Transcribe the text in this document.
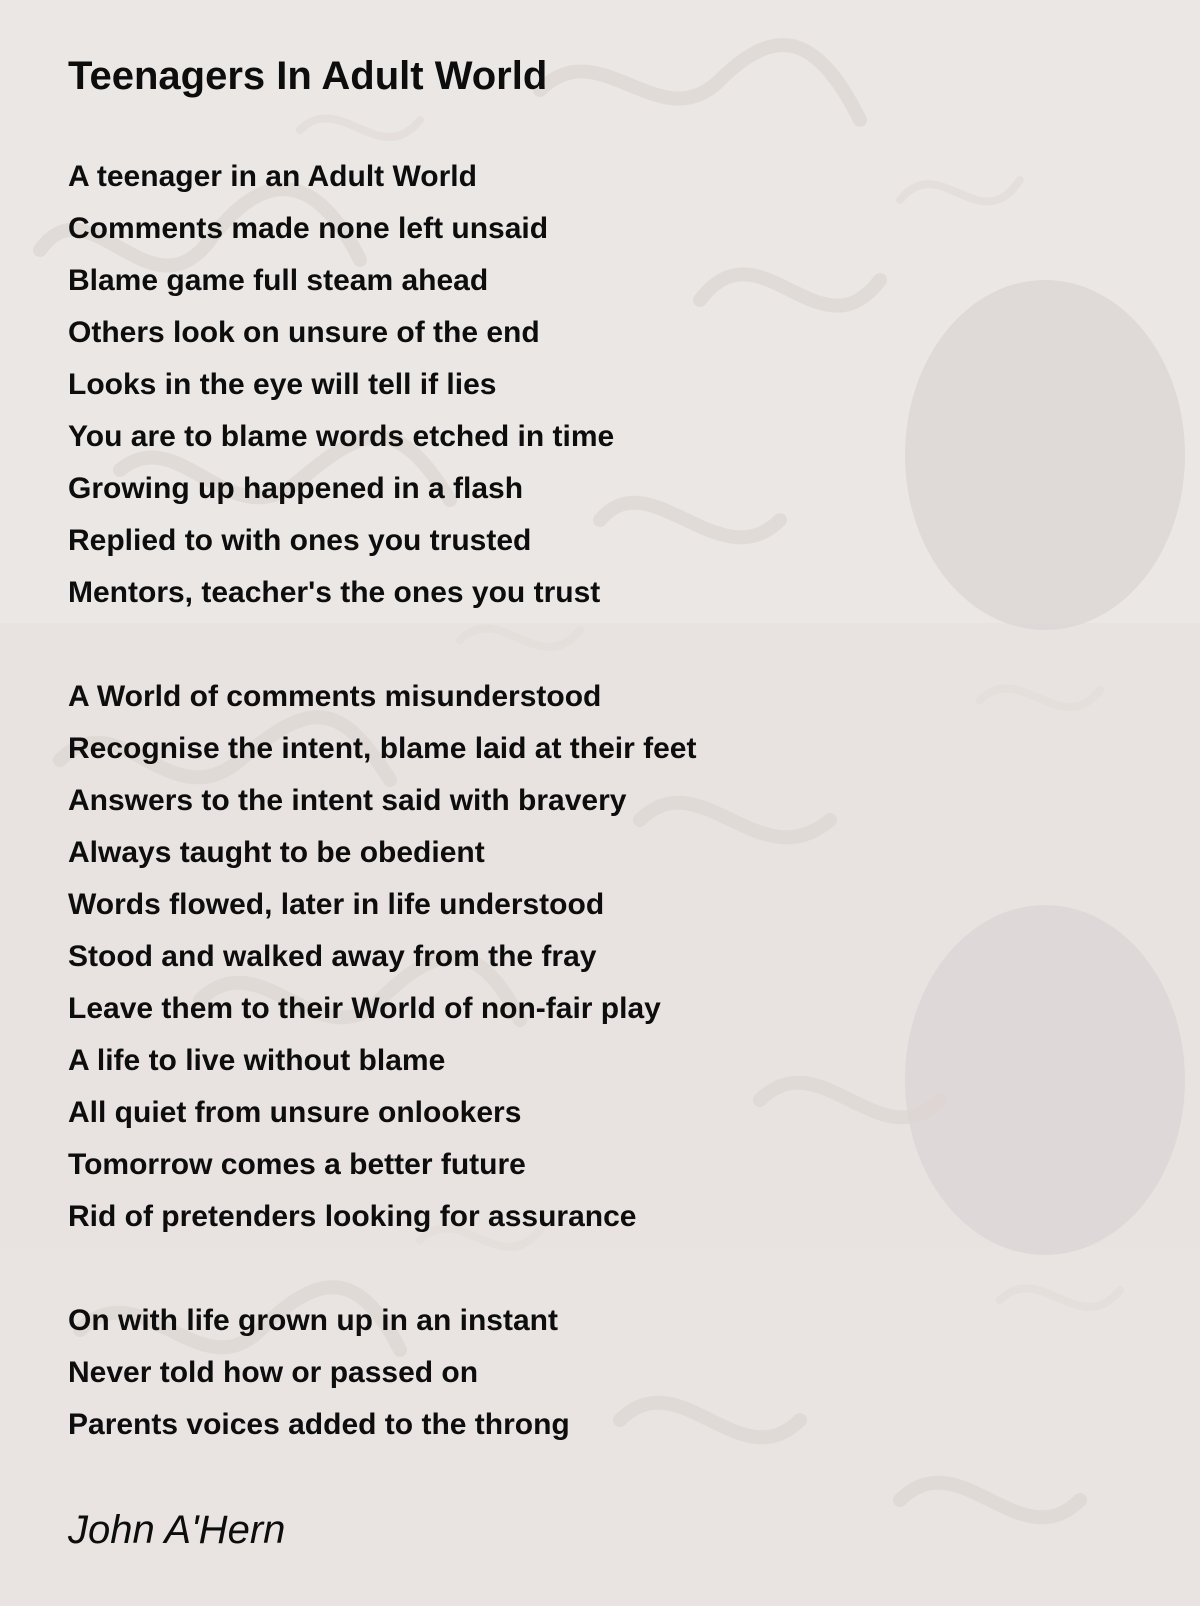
Teenagers In Adult World
A teenager in an Adult World
Comments made none left unsaid
Blame game full steam ahead
Others look on unsure of the end
Looks in the eye will tell if lies
You are to blame words etched in time
Growing up happened in a flash
Replied to with ones you trusted
Mentors, teacher's the ones you trust
A World of comments misunderstood
Recognise the intent, blame laid at their feet
Answers to the intent said with bravery
Always taught to be obedient
Words flowed, later in life understood
Stood and walked away from the fray
Leave them to their World of non-fair play
A life to live without blame
All quiet from unsure onlookers
Tomorrow comes a better future
Rid of pretenders looking for assurance
On with life grown up in an instant
Never told how or passed on
Parents voices added to the throng
John A'Hern
